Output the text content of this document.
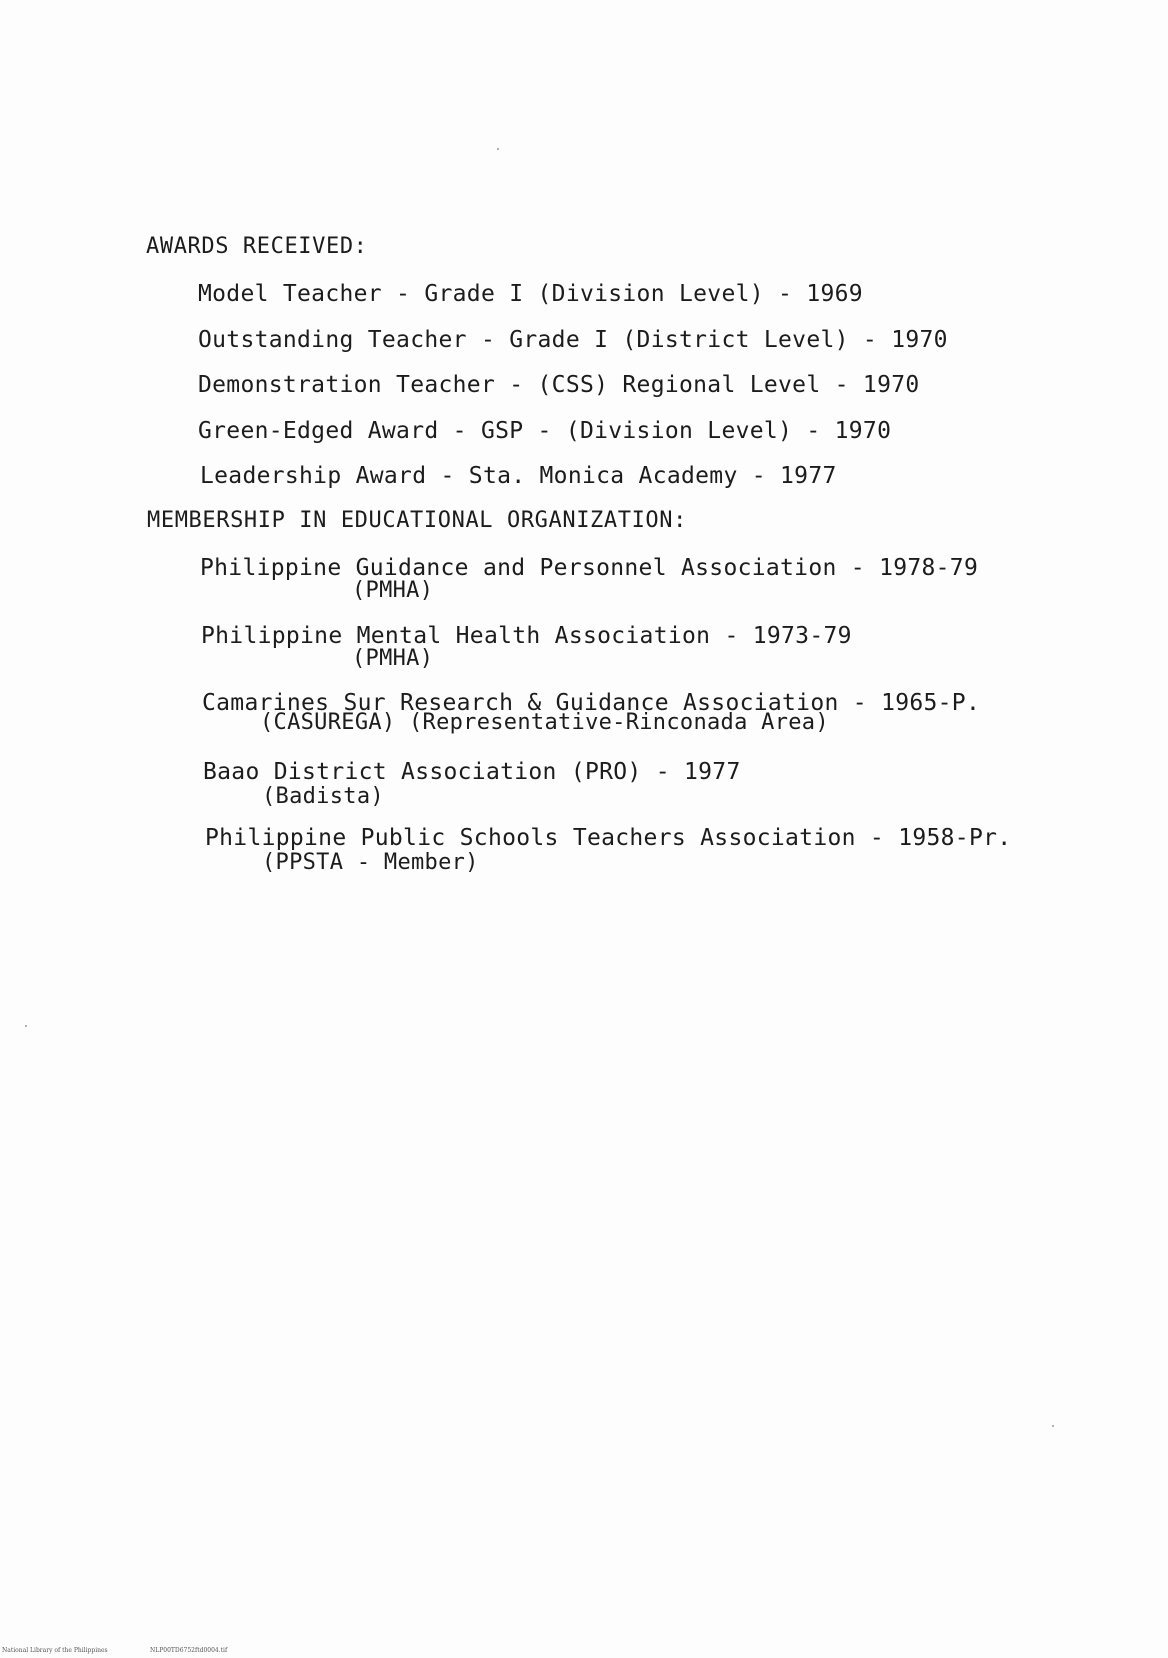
AWARDS RECEIVED:
Model Teacher - Grade I (Division Level) - 1969
Outstanding Teacher - Grade I (District Level) - 1970
Demonstration Teacher - (CSS) Regional Level - 1970
Green-Edged Award - GSP - (Division Level) - 1970
Leadership Award - Sta. Monica Academy - 1977
MEMBERSHIP IN EDUCATIONAL ORGANIZATION:
Philippine Guidance and Personnel Association - 1978-79
(PMHA)
Philippine Mental Health Association - 1973-79
(PMHA)
Camarines Sur Research & Guidance Association - 1965-P.
(CASUREGA) (Representative-Rinconada Area)
Baao District Association (PRO) - 1977
(Badista)
Philippine Public Schools Teachers Association - 1958-Pr.
(PPSTA - Member)
National Library of the Philippines	NLP00TD6752ftd0004.tif
